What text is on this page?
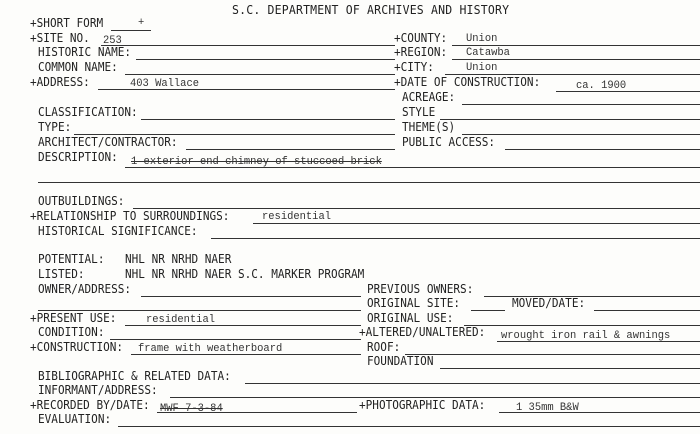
S.C. DEPARTMENT OF ARCHIVES AND HISTORY
+SHORT FORM	+
+SITE NO. 253
HISTORIC NAME:
COMMON NAME:
+ADDRESS:	403 Wallace
CLASSIFICATION:
TYPE:
ARCHITECT/CONTRACTOR:
DESCRIPTION: 1 exterior end chimney of stuccoed brick
+COUNTY: Union
+REGION: Catawba
+CITY:	Union
+DATE OF CONSTRUCTION:	ca. 1900
ACREAGE:
STYLE
THEME(S)
PUBLIC ACCESS:
OUTBUILDINGS:
+RELATIONSHIP TO SURROUNDINGS:	residential
HISTORICAL SIGNIFICANCE:
POTENTIAL: NHL NR NRHD NAER
LISTED:	NHL NR NRHD NAER S.C. MARKER PROGRAM
OWNER/ADDRESS:	PREVIOUS OWNERS:
ORIGINAL SITE:	MOVED/DATE:
+PRESENT USE:	residential	ORIGINAL USE:
CONDITION:	+ALTERED/UNALTERED: wrought iron rail & awnings
+CONSTRUCTION: frame with weatherboard	ROOF:
FOUNDATION
BIBLIOGRAPHIC & RELATED DATA:
INFORMANT/ADDRESS:
+RECORDED BY/DATE: MWF 7-3-84	+PHOTOGRAPHIC DATA:	1 35mm B&W
EVALUATION:
